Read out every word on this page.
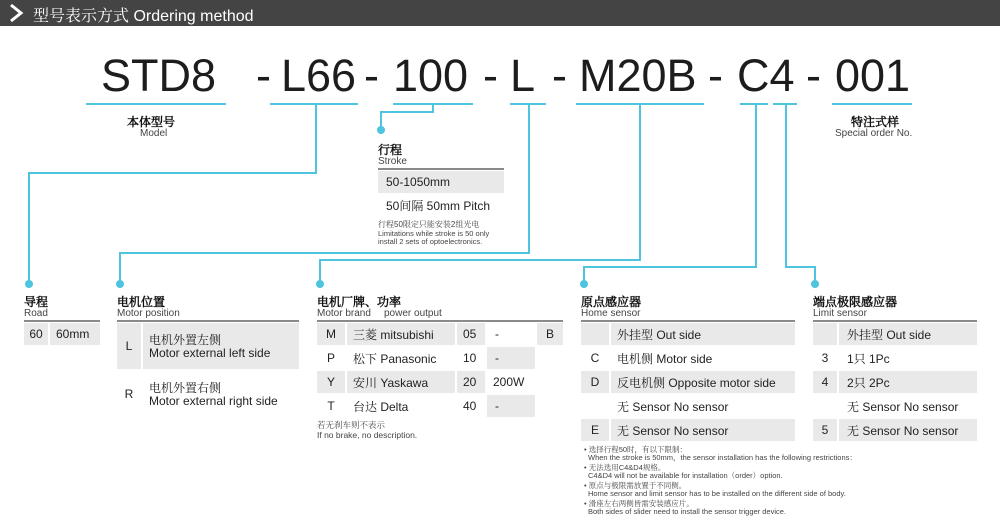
型号表示方式 Ordering method
STD8 - L66 - 100 - L - M20B - C4 - 001
本体型号
Model
特注式样
Special order No.
行程
Stroke
50-1050mm
50间隔 50mm Pitch
行程50限定只能安装2组光电
Limitations while stroke is 50 only
install 2 sets of optoelectronics.
导程
Road
60	60mm
电机位置
Motor position
L	电机外置左侧
Motor external left side
R	电机外置右侧
Motor external right side
电机厂牌、功率
Motor brand power output
M	三菱 mitsubishi	05	-	B
P	松下 Panasonic	10	-
Y	安川 Yaskawa	20	200W
T	台达 Delta	40	-
若无刹车则不表示
If no brake, no description.
原点感应器
Home sensor
外挂型 Out side
C	电机侧 Motor side
D	反电机侧 Opposite motor side
无 Sensor No sensor
E	无 Sensor No sensor
• 选择行程50时，有以下限制：
When the stroke is 50mm，the sensor installation has the following restrictions：
• 无法选用C4&D4规格。
C4&D4 will not be available for installation（order）option.
• 原点与极限需放置于不同侧。
Home sensor and limit sensor has to be installed on the different side of body.
• 滑座左右两侧皆需安装感应片。
Both sides of slider need to install the sensor trigger device.
端点极限感应器
Limit sensor
外挂型 Out side
3	1只 1Pc
4	2只 2Pc
无 Sensor No sensor
5	无 Sensor No sensor
